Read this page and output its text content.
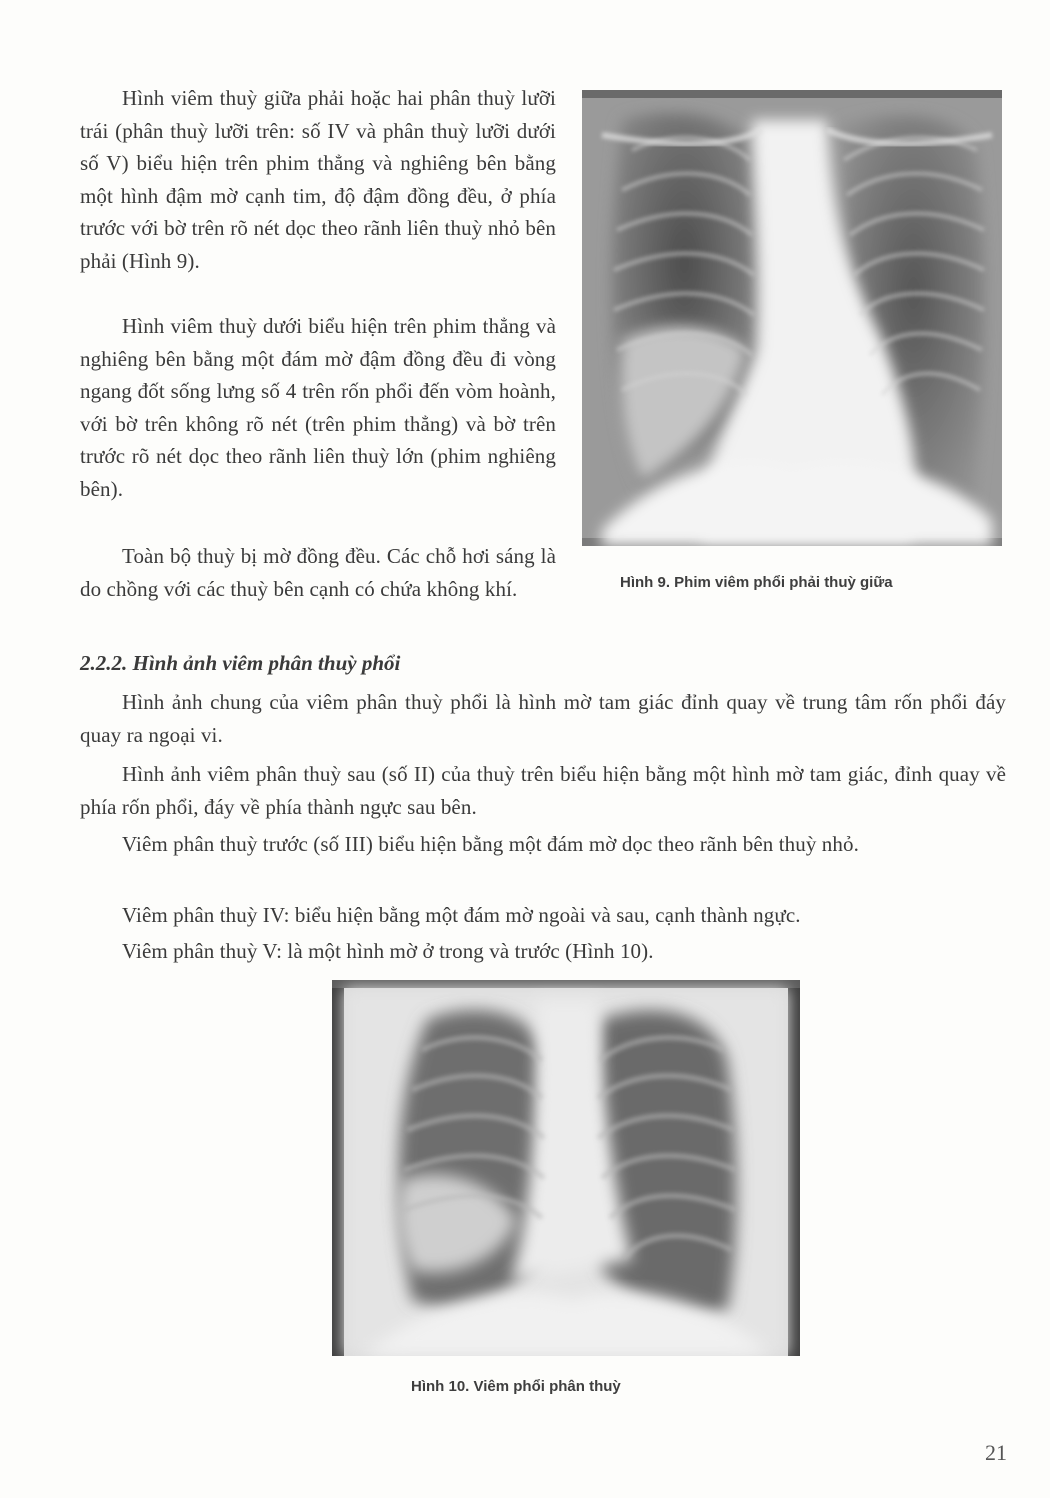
Hình viêm thuỳ giữa phải hoặc hai phân thuỳ lưỡi trái (phân thuỳ lưỡi trên: số IV và phân thuỳ lưỡi dưới số V) biểu hiện trên phim thẳng và nghiêng bên bằng một hình đậm mờ cạnh tim, độ đậm đồng đều, ở phía trước với bờ trên rõ nét dọc theo rãnh liên thuỳ nhỏ bên phải (Hình 9).

Hình viêm thuỳ dưới biểu hiện trên phim thẳng và nghiêng bên bằng một đám mờ đậm đồng đều đi vòng ngang đốt sống lưng số 4 trên rốn phổi đến vòm hoành, với bờ trên không rõ nét (trên phim thẳng) và bờ trên trước rõ nét dọc theo rãnh liên thuỳ lớn (phim nghiêng bên).

Toàn bộ thuỳ bị mờ đồng đều. Các chỗ hơi sáng là do chồng với các thuỳ bên cạnh có chứa không khí.	Hình 9. Phim viêm phổi phải thuỳ giữa

2.2.2. Hình ảnh viêm phân thuỳ phổi

Hình ảnh chung của viêm phân thuỳ phổi là hình mờ tam giác đỉnh quay về trung tâm rốn phổi đáy quay ra ngoại vi.

Hình ảnh viêm phân thuỳ sau (số II) của thuỳ trên biểu hiện bằng một hình mờ tam giác, đỉnh quay về phía rốn phổi, đáy về phía thành ngực sau bên.

Viêm phân thuỳ trước (số III) biểu hiện bằng một đám mờ dọc theo rãnh bên thuỳ nhỏ.

Viêm phân thuỳ IV: biểu hiện bằng một đám mờ ngoài và sau, cạnh thành ngực.

Viêm phân thuỳ V: là một hình mờ ở trong và trước (Hình 10).

Hình 10. Viêm phổi phân thuỳ

21
